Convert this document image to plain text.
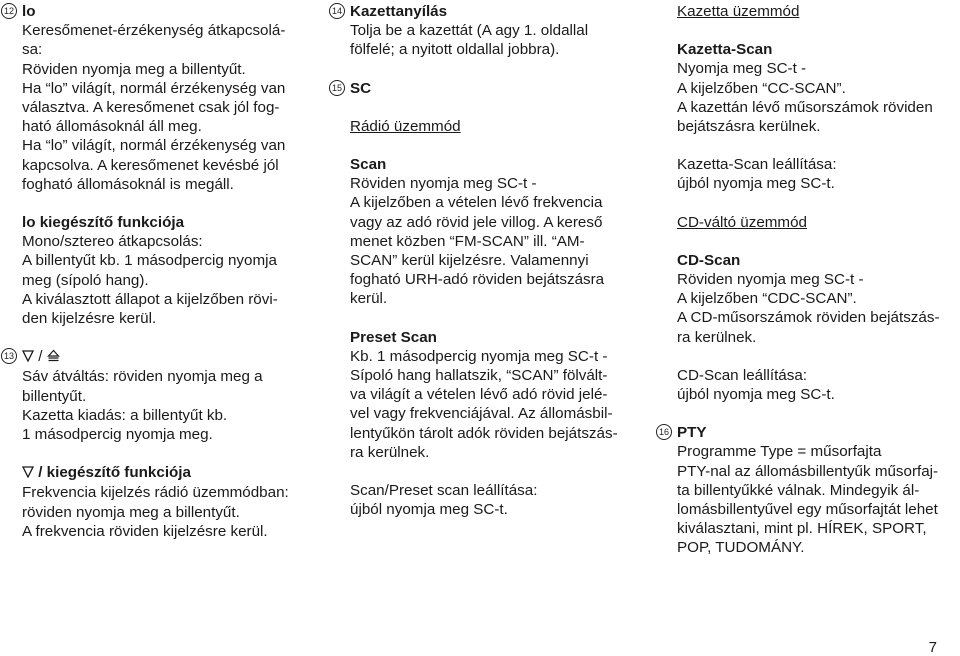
12 lo
Keresőmenet-érzékenység átkapcsolá-
sa:
Röviden nyomja meg a billentyűt.
Ha “lo” világít, normál érzékenység van
választva. A keresőmenet csak jól fog-
ható állomásoknál áll meg.
Ha “lo” világít, normál érzékenység van
kapcsolva. A keresőmenet kevésbé jól
fogható állomásoknál is megáll.
lo kiegészítő funkciója
Mono/sztereo átkapcsolás:
A billentyűt kb. 1 másodpercig nyomja
meg (sípoló hang).
A kiválasztott állapot a kijelzőben rövi-
den kijelzésre kerül.
13	/
Sáv átváltás: röviden nyomja meg a
billentyűt.
Kazetta kiadás: a billentyűt kb.
1 másodpercig nyomja meg.
/ kiegészítő funkciója
Frekvencia kijelzés rádió üzemmódban:
röviden nyomja meg a billentyűt.
A frekvencia röviden kijelzésre kerül.
14 Kazettanyílás
Tolja be a kazettát (A agy 1. oldallal
fölfelé; a nyitott oldallal jobbra).
15 SC
Rádió üzemmód
Scan
Röviden nyomja meg SC-t -
A kijelzőben a vételen lévő frekvencia
vagy az adó rövid jele villog. A kereső
menet közben “FM-SCAN” ill. “AM-
SCAN” kerül kijelzésre. Valamennyi
fogható URH-adó röviden bejátszásra
kerül.
Preset Scan
Kb. 1 másodpercig nyomja meg SC-t -
Sípoló hang hallatszik, “SCAN” fölvált-
va világít a vételen lévő adó rövid jelé-
vel vagy frekvenciájával. Az állomásbil-
lentyűkön tárolt adók röviden bejátszás-
ra kerülnek.
Scan/Preset scan leállítása:
újból nyomja meg SC-t.
Kazetta üzemmód
Kazetta-Scan
Nyomja meg SC-t -
A kijelzőben “CC-SCAN”.
A kazettán lévő műsorszámok röviden
bejátszásra kerülnek.
Kazetta-Scan leállítása:
újból nyomja meg SC-t.
CD-váltó üzemmód
CD-Scan
Röviden nyomja meg SC-t -
A kijelzőben “CDC-SCAN”.
A CD-műsorszámok röviden bejátszás-
ra kerülnek.
CD-Scan leállítása:
újból nyomja meg SC-t.
16 PTY
Programme Type = műsorfajta
PTY-nal az állomásbillentyűk műsorfaj-
ta billentyűkké válnak. Mindegyik ál-
lomásbillentyűvel egy műsorfajtát lehet
kiválasztani, mint pl. HÍREK, SPORT,
POP, TUDOMÁNY.
7
